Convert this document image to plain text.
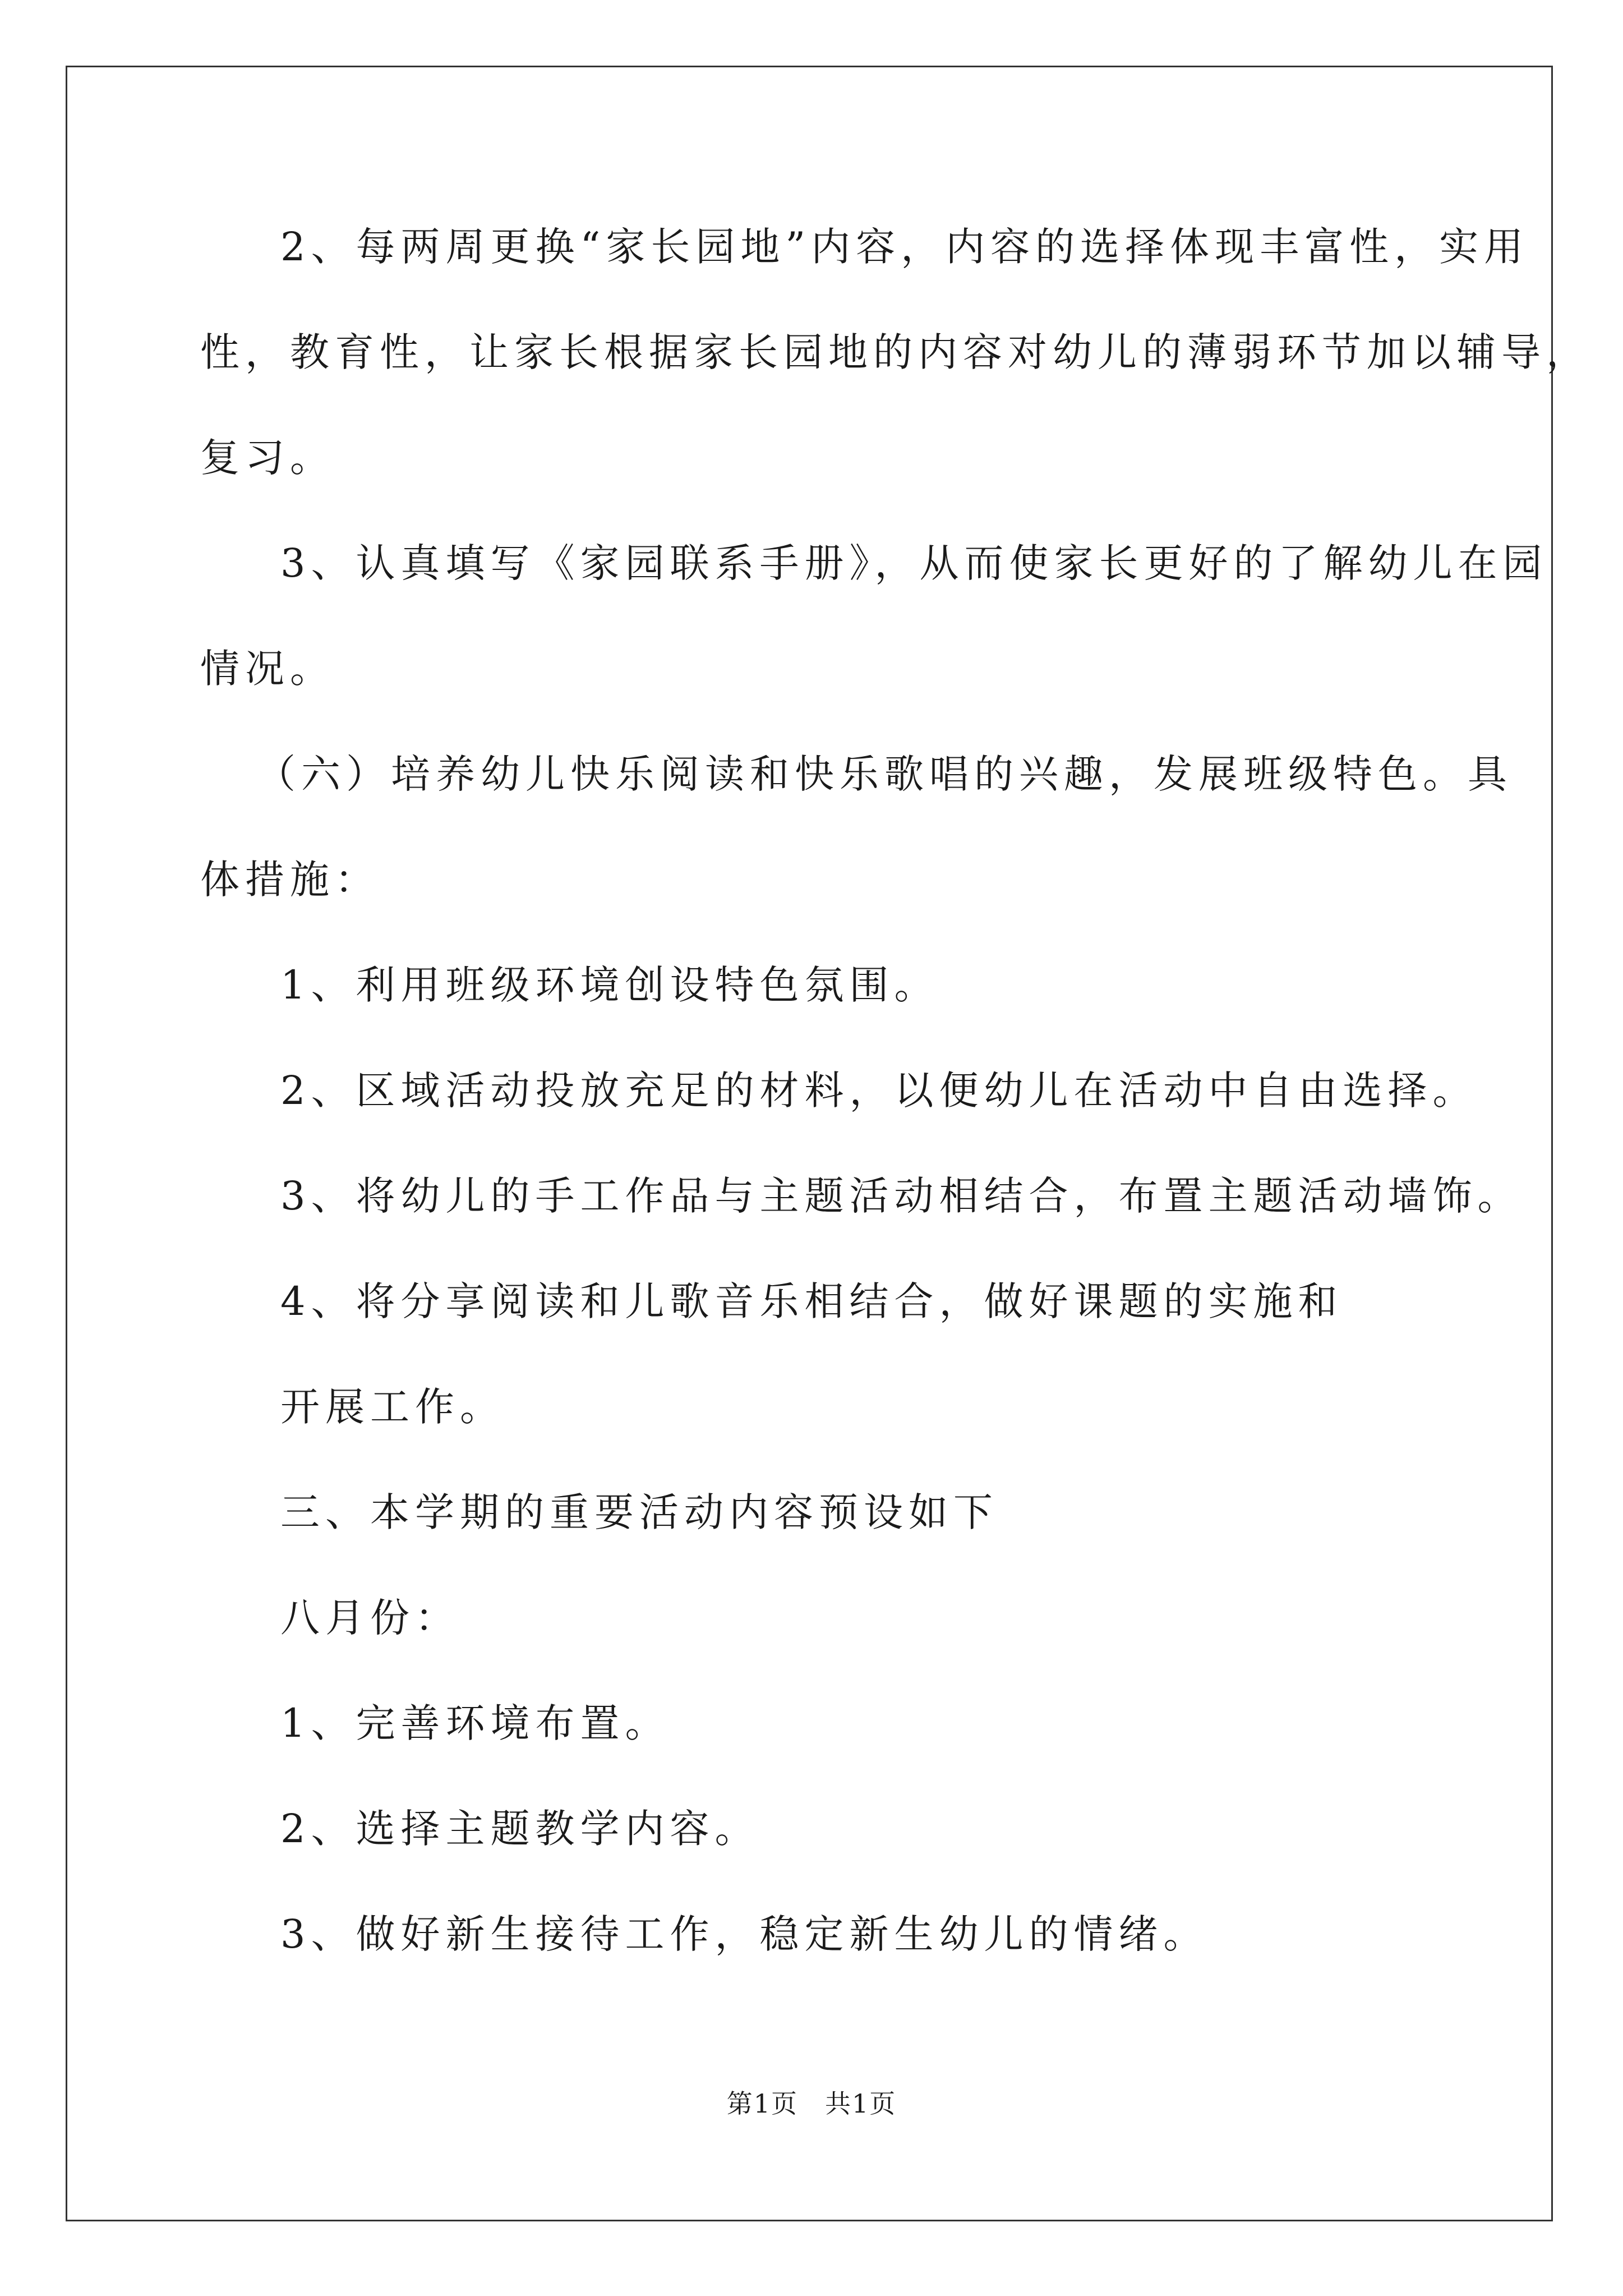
2、每两周更换“家长园地”内容，内容的选择体现丰富性，实用
性，教育性，让家长根据家长园地的内容对幼儿的薄弱环节加以辅导，
复习。
3、认真填写《家园联系手册》，从而使家长更好的了解幼儿在园
情况。
（六）培养幼儿快乐阅读和快乐歌唱的兴趣，发展班级特色。具
体措施：
1、利用班级环境创设特色氛围。
2、区域活动投放充足的材料，以便幼儿在活动中自由选择。
3、将幼儿的手工作品与主题活动相结合，布置主题活动墙饰。
4、将分享阅读和儿歌音乐相结合，做好课题的实施和
开展工作。
三、本学期的重要活动内容预设如下
八月份：
1、完善环境布置。
2、选择主题教学内容。
3、做好新生接待工作，稳定新生幼儿的情绪。
第1页　共1页
